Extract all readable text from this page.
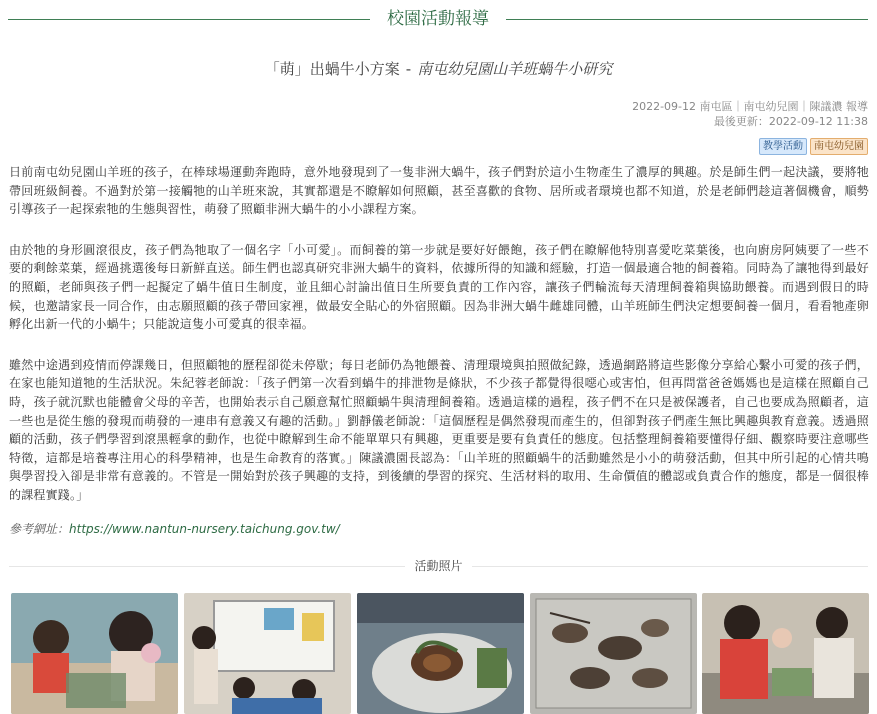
校園活動報導
「萌」出蝸牛小方案 - 南屯幼兒園山羊班蝸牛小研究
2022-09-12 南屯區｜南屯幼兒園｜陳議濃 報導
最後更新：2022-09-12 11:38
教學活動 南屯幼兒園

日前南屯幼兒園山羊班的孩子，在棒球場運動奔跑時，意外地發現到了一隻非洲大蝸牛，孩子們對於這小生物產生了濃厚的興趣。於是師生們一起決議，要將牠帶回班級飼養。不過對於第一接觸牠的山羊班來說，其實都還是不瞭解如何照顧，甚至喜歡的食物、居所或者環境也都不知道，於是老師們趁這著個機會，順勢引導孩子一起探索牠的生態與習性，萌發了照顧非洲大蝸牛的小小課程方案。

由於牠的身形圓滾很皮，孩子們為牠取了一個名字「小可愛」。而飼養的第一步就是要好好餵飽，孩子們在瞭解他特別喜愛吃菜葉後，也向廚房阿姨要了一些不要的剩餘菜葉，經過挑選後每日新鮮直送。師生們也認真研究非洲大蝸牛的資料，依據所得的知識和經驗，打造一個最適合牠的飼養箱。同時為了讓牠得到最好的照顧，老師與孩子們一起擬定了蝸牛值日生制度，並且細心討論出值日生所要負責的工作內容，讓孩子們輪流每天清理飼養箱與協助餵養。而遇到假日的時候，也邀請家長一同合作，由志願照顧的孩子帶回家裡，做最安全貼心的外宿照顧。因為非洲大蝸牛雌雄同體，山羊班師生們決定想要飼養一個月，看看牠產卵孵化出新一代的小蝸牛；只能說這隻小可愛真的很幸福。

雖然中途遇到疫情而停課幾日，但照顧牠的歷程卻從未停歇；每日老師仍為牠餵養、清理環境與拍照做紀錄，透過網路將這些影像分享給心繫小可愛的孩子們，在家也能知道牠的生活狀況。朱紀蓉老師說：「孩子們第一次看到蝸牛的排泄物是條狀，不少孩子都覺得很噁心或害怕，但再問當爸爸媽媽也是這樣在照顧自己時，孩子就沉默也能體會父母的辛苦，也開始表示自己願意幫忙照顧蝸牛與清理飼養箱。透過這樣的過程，孩子們不在只是被保護者，自己也要成為照顧者，這一些也是從生態的發現而萌發的一連串有意義又有趣的活動。」劉靜儀老師說：「這個歷程是偶然發現而產生的，但卻對孩子們產生無比興趣與教育意義。透過照顧的活動，孩子們學習到滾黑輕拿的動作，也從中瞭解到生命不能單單只有興趣，更重要是要有負責任的態度。包括整理飼養箱要懂得仔細、觀察時要注意哪些特徵，這都是培養專注用心的科學精神，也是生命教育的落實。」陳議濃園長認為：「山羊班的照顧蝸牛的活動雖然是小小的萌發活動，但其中所引起的心情共鳴與學習投入卻是非常有意義的。不管是一開始對於孩子興趣的支持，到後續的學習的探究、生活材料的取用、生命價值的體認或負責合作的態度，都是一個很棒的課程實踐。」

參考網址：https://www.nantun-nursery.taichung.gov.tw/
活動照片
